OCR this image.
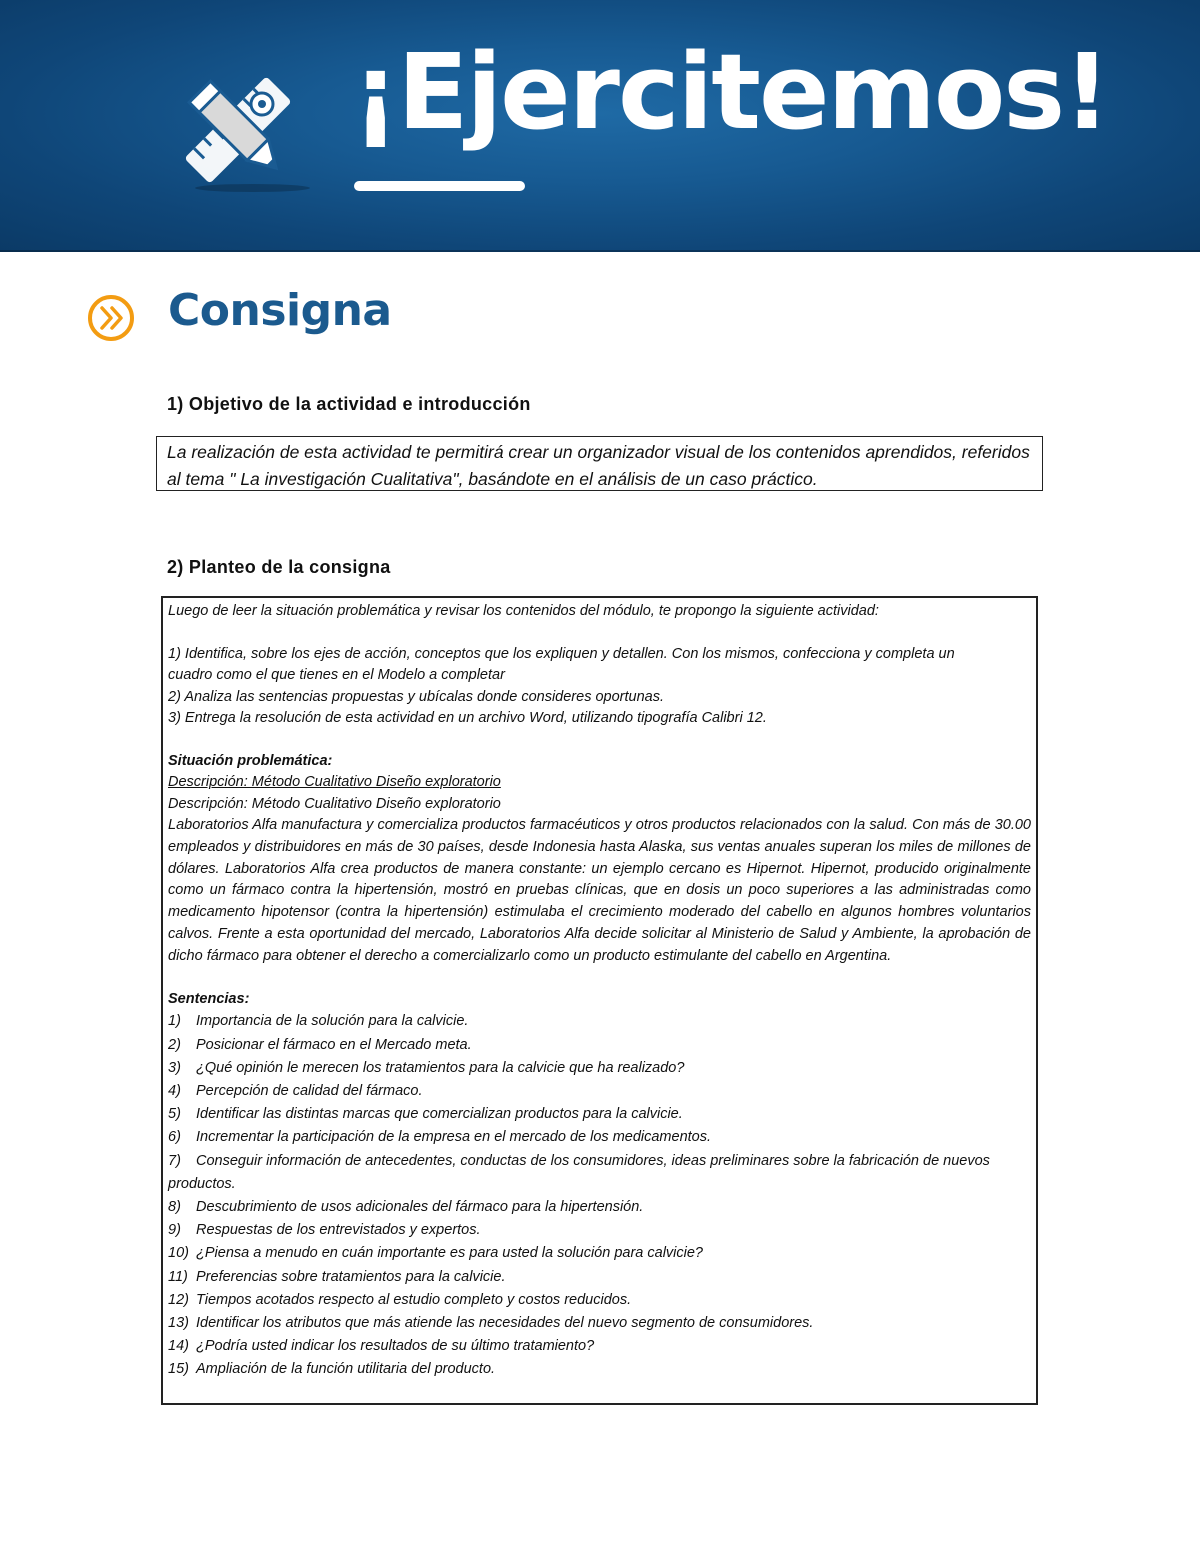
¡Ejercitemos!
Consigna
1) Objetivo de la actividad e introducción

La realización de esta actividad te permitirá crear un organizador visual de los contenidos aprendidos, referidos

al tema " La investigación Cualitativa", basándote en el análisis de un caso práctico.

2) Planteo de la consigna
Luego de leer la situación problemática y revisar los contenidos del módulo, te propongo la siguiente actividad:
1) Identifica, sobre los ejes de acción, conceptos que los expliquen y detallen. Con los mismos, confecciona y completa un
cuadro como el que tienes en el Modelo a completar
2) Analiza las sentencias propuestas y ubícalas donde consideres oportunas.
3) Entrega la resolución de esta actividad en un archivo Word, utilizando tipografía Calibri 12.
Situación problemática:
Descripción: Método Cualitativo Diseño exploratorio
Descripción: Método Cualitativo Diseño exploratorio
Laboratorios Alfa manufactura y comercializa productos farmacéuticos y otros productos relacionados con la salud. Con más de 30.00 empleados y distribuidores en más de 30 países, desde Indonesia hasta Alaska, sus ventas anuales superan los miles de millones de dólares. Laboratorios Alfa crea productos de manera constante: un ejemplo cercano es Hipernot. Hipernot, producido originalmente como un fármaco contra la hipertensión, mostró en pruebas clínicas, que en dosis un poco superiores a las administradas como medicamento hipotensor (contra la hipertensión) estimulaba el crecimiento moderado del cabello en algunos hombres voluntarios calvos. Frente a esta oportunidad del mercado, Laboratorios Alfa decide solicitar al Ministerio de Salud y Ambiente, la aprobación de dicho fármaco para obtener el derecho a comercializarlo como un producto estimulante del cabello en Argentina.
Sentencias:
1) Importancia de la solución para la calvicie.
2) Posicionar el fármaco en el Mercado meta.
3) ¿Qué opinión le merecen los tratamientos para la calvicie que ha realizado?
4) Percepción de calidad del fármaco.
5) Identificar las distintas marcas que comercializan productos para la calvicie.
6) Incrementar la participación de la empresa en el mercado de los medicamentos.
7) Conseguir información de antecedentes, conductas de los consumidores, ideas preliminares sobre la fabricación de nuevos productos.
8) Descubrimiento de usos adicionales del fármaco para la hipertensión.
9) Respuestas de los entrevistados y expertos.
10) ¿Piensa a menudo en cuán importante es para usted la solución para calvicie?
11) Preferencias sobre tratamientos para la calvicie.
12) Tiempos acotados respecto al estudio completo y costos reducidos.
13) Identificar los atributos que más atiende las necesidades del nuevo segmento de consumidores.
14) ¿Podría usted indicar los resultados de su último tratamiento?
15) Ampliación de la función utilitaria del producto.
